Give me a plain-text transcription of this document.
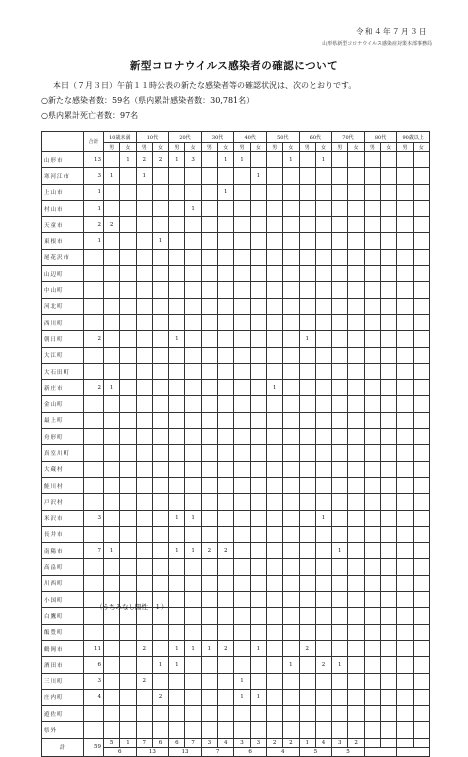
令和４年７月３日
山形県新型コロナウイルス感染症対策本部事務局
新型コロナウイルス感染者の確認について
本日（７月３日）午前１１時公表の新たな感染者等の確認状況は、次のとおりです。
○新たな感染者数：59名（県内累計感染者数：30,781名）
○県内累計死亡者数：97名
	合計	10歳未満		10代		20代		30代		40代		50代		60代		70代		80代		90歳以上	
		男	女	男	女	男	女	男	女	男	女	男	女	男	女	男	女	男	女	男	女
山形市	13		1	2	2	1	3		1	1			1		1						
寒河江市	3	1		1							1										
上山市	1								1												
村山市	1						1														
天童市	2	2																			
東根市	1				1																
尾花沢市																					
山辺町																					
中山町																					
河北町																					
西川町																					
朝日町	2					1								1							
大江町																					
大石田町																					
新庄市	2	1										1									
金山町																					
最上町																					
舟形町																					
真室川町																					
大蔵村																					
鮭川村																					
戸沢村																					
米沢市	3					1	1								1						
長井市																					
南陽市	7	1				1	1	2	2							1					
高畠町																					
川西町																					
小国町																					
白鷹町																					
飯豊町																					
鶴岡市	11			2		1	1	1	2		1			2							
酒田市	6				1	1							1		2	1					
三川町	3			2						1											
庄内町	4				2					1	1										
遊佐町																					
県外																					
計	59	5	1	7	6	6	7	3	4	3	3	2	2	1	4	3	2				
		6		13		13		7		6		4		5		5					
（うちみなし陽性　１）
